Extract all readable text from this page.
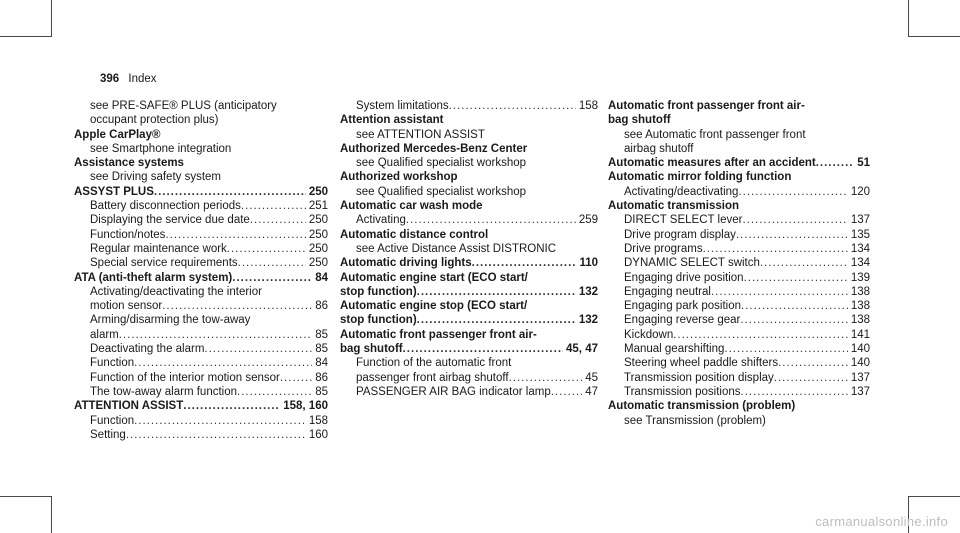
396 Index
see PRE-SAFE® PLUS (anticipatory
occupant protection plus)
Apple CarPlay®
see Smartphone integration
Assistance systems
see Driving safety system
ASSYST PLUS .....	250
Battery disconnection periods .....	251
Displaying the service due date .....	250
Function/notes .....	250
Regular maintenance work .....	250
Special service requirements .....	250
ATA (anti-theft alarm system) .....	84
Activating/deactivating the interior
motion sensor .....	86
Arming/disarming the tow-away
alarm .....	85
Deactivating the alarm .....	85
Function .....	84
Function of the interior motion sensor .....	86
The tow-away alarm function .....	85
ATTENTION ASSIST .....	158, 160
Function .....	158
Setting .....	160
System limitations .....	158
Attention assistant
see ATTENTION ASSIST
Authorized Mercedes-Benz Center
see Qualified specialist workshop
Authorized workshop
see Qualified specialist workshop
Automatic car wash mode
Activating .....	259
Automatic distance control
see Active Distance Assist DISTRONIC
Automatic driving lights .....	110
Automatic engine start (ECO start/
stop function) .....	132
Automatic engine stop (ECO start/
stop function) .....	132
Automatic front passenger front air-
bag shutoff .....	45, 47
Function of the automatic front
passenger front airbag shutoff .....	45
PASSENGER AIR BAG indicator lamp .....	47
Automatic front passenger front air-
bag shutoff
see Automatic front passenger front
airbag shutoff
Automatic measures after an accident .....	51
Automatic mirror folding function
Activating/deactivating .....	120
Automatic transmission
DIRECT SELECT lever .....	137
Drive program display .....	135
Drive programs .....	134
DYNAMIC SELECT switch .....	134
Engaging drive position .....	139
Engaging neutral .....	138
Engaging park position .....	138
Engaging reverse gear .....	138
Kickdown .....	141
Manual gearshifting .....	140
Steering wheel paddle shifters .....	140
Transmission position display .....	137
Transmission positions .....	137
Automatic transmission (problem)
see Transmission (problem)
carmanualsonline.info
